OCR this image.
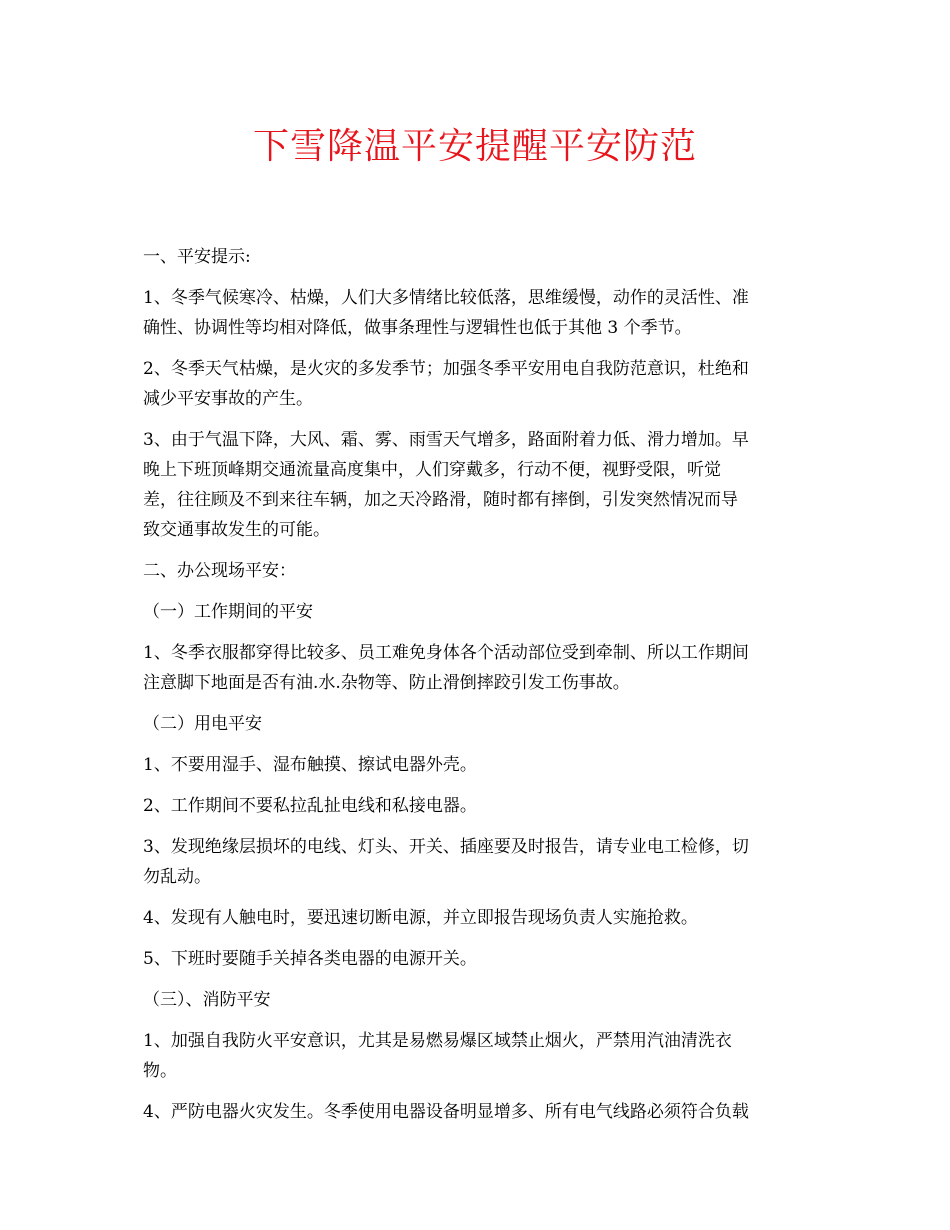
下雪降温平安提醒平安防范

一、平安提示:

1、冬季气候寒冷、枯燥，人们大多情绪比较低落，思维缓慢，动作的灵活性、准
确性、协调性等均相对降低，做事条理性与逻辑性也低于其他 3 个季节。
2、冬季天气枯燥，是火灾的多发季节；加强冬季平安用电自我防范意识，杜绝和
减少平安事故的产生。
3、由于气温下降，大风、霜、雾、雨雪天气增多，路面附着力低、滑力增加。早
晚上下班顶峰期交通流量高度集中，人们穿戴多，行动不便，视野受限，听觉
差，往往顾及不到来往车辆，加之天冷路滑，随时都有摔倒，引发突然情况而导
致交通事故发生的可能。

二、办公现场平安：

（一）工作期间的平安

1、冬季衣服都穿得比较多、员工难免身体各个活动部位受到牵制、所以工作期间
注意脚下地面是否有油.水.杂物等、防止滑倒摔跤引发工伤事故。

（二）用电平安

1、不要用湿手、湿布触摸、擦试电器外壳。
2、工作期间不要私拉乱扯电线和私接电器。
3、发现绝缘层损坏的电线、灯头、开关、插座要及时报告，请专业电工检修，切
勿乱动。
4、发现有人触电时，要迅速切断电源，并立即报告现场负责人实施抢救。
5、下班时要随手关掉各类电器的电源开关。

（三）、消防平安

1、加强自我防火平安意识，尤其是易燃易爆区域禁止烟火，严禁用汽油清洗衣
物。
4、严防电器火灾发生。冬季使用电器设备明显增多、所有电气线路必须符合负载
